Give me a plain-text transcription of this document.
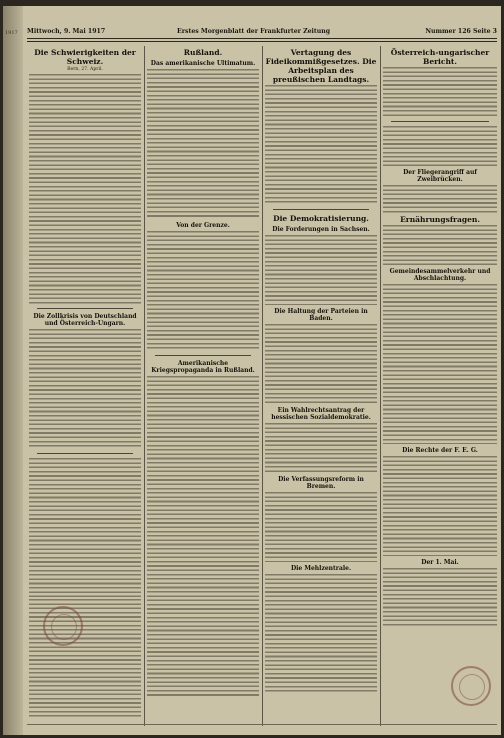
1917 Mittwoch, 9. Mai 1917	Erstes Morgenblatt der Frankfurter Zeitung	Nummer 126 Seite 3
Die Schwierigkeiten der Schweiz.
Bern, 27. April.
Die Zollkrisis von Deutschland und Österreich-Ungarn.
Rußland.
Das amerikanische Ultimatum.
Von der Grenze.
Amerikanische Kriegspropaganda in Rußland.
Vertagung des Fideikommißgesetzes. Die Arbeitsplan des preußischen Landtags.
Die Demokratisierung.
Die Forderungen in Sachsen.
Die Haltung der Parteien in Baden.
Ein Wahlrechtsantrag der hessischen Sozialdemokratie.
Die Verfassungsreform in Bremen.
Die Mehlzentrale.
Österreich-ungarischer Bericht.
Der Fliegerangriff auf Zweibrücken.
Ernährungsfragen.
Gemeindesammelverkehr und Abschlachtung.
Die Rechte der F. E. G.
Der 1. Mai.
